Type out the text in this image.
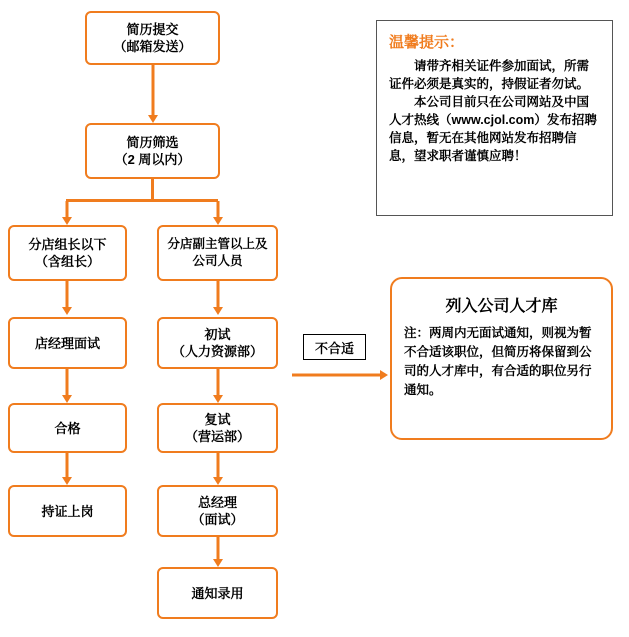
简历提交
（邮箱发送）
简历筛选
（2 周以内）
分店组长以下
（含组长）
店经理面试
合格
持证上岗
分店副主管以上及
公司人员
初试
（人力资源部）
复试
（营运部）
总经理
（面试）
通知录用
不合适
温馨提示：

请带齐相关证件参加面试，所需证件必须是真实的，持假证者勿试。

本公司目前只在公司网站及中国人才热线（www.cjol.com）发布招聘信息，暂无在其他网站发布招聘信息，望求职者谨慎应聘！

列入公司人才库

注：两周内无面试通知，则视为暂不合适该职位，但简历将保留到公司的人才库中，有合适的职位另行通知。
